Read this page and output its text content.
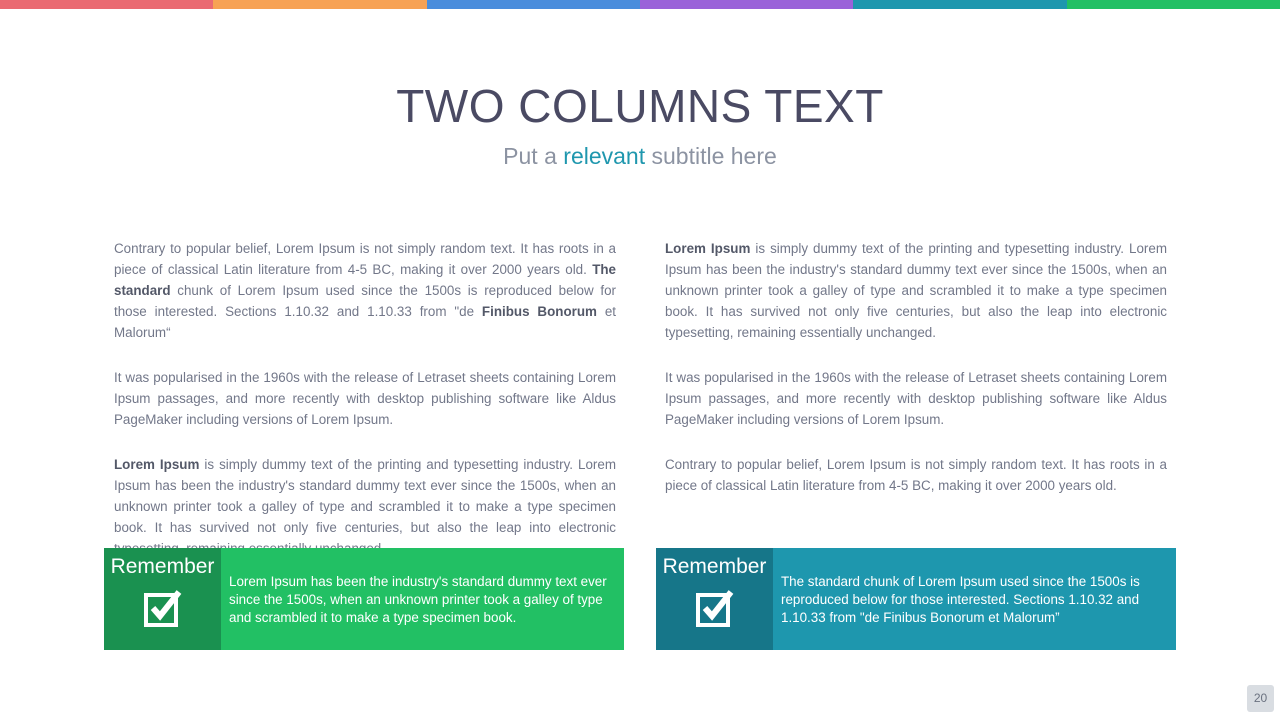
TWO COLUMNS TEXT
Put a relevant subtitle here

Contrary to popular belief, Lorem Ipsum is not simply random text. It has roots in a piece of classical Latin literature from 4-5 BC, making it over 2000 years old. The standard chunk of Lorem Ipsum used since the 1500s is reproduced below for those interested. Sections 1.10.32 and 1.10.33 from "de Finibus Bonorum et Malorum“

It was popularised in the 1960s with the release of Letraset sheets containing Lorem Ipsum passages, and more recently with desktop publishing software like Aldus PageMaker including versions of Lorem Ipsum.

Lorem Ipsum is simply dummy text of the printing and typesetting industry. Lorem Ipsum has been the industry's standard dummy text ever since the 1500s, when an unknown printer took a galley of type and scrambled it to make a type specimen book. It has survived not only five centuries, but also the leap into electronic

Lorem Ipsum is simply dummy text of the printing and typesetting industry. Lorem Ipsum has been the industry's standard dummy text ever since the 1500s, when an unknown printer took a galley of type and scrambled it to make a type specimen book. It has survived not only five centuries, but also the leap into electronic typesetting, remaining essentially unchanged.

It was popularised in the 1960s with the release of Letraset sheets containing Lorem Ipsum passages, and more recently with desktop publishing software like Aldus PageMaker including versions of Lorem Ipsum.

Contrary to popular belief, Lorem Ipsum is not simply random text. It has roots in a piece of classical Latin literature from 4-5 BC, making it over 2000 years old.

Remember
Lorem Ipsum has been the industry's standard dummy text ever since the 1500s, when an unknown printer took a galley of type and scrambled it to make a type specimen book.
Remember
The standard chunk of Lorem Ipsum used since the 1500s is reproduced below for those interested. Sections 1.10.32 and 1.10.33 from "de Finibus Bonorum et Malorum”
20
